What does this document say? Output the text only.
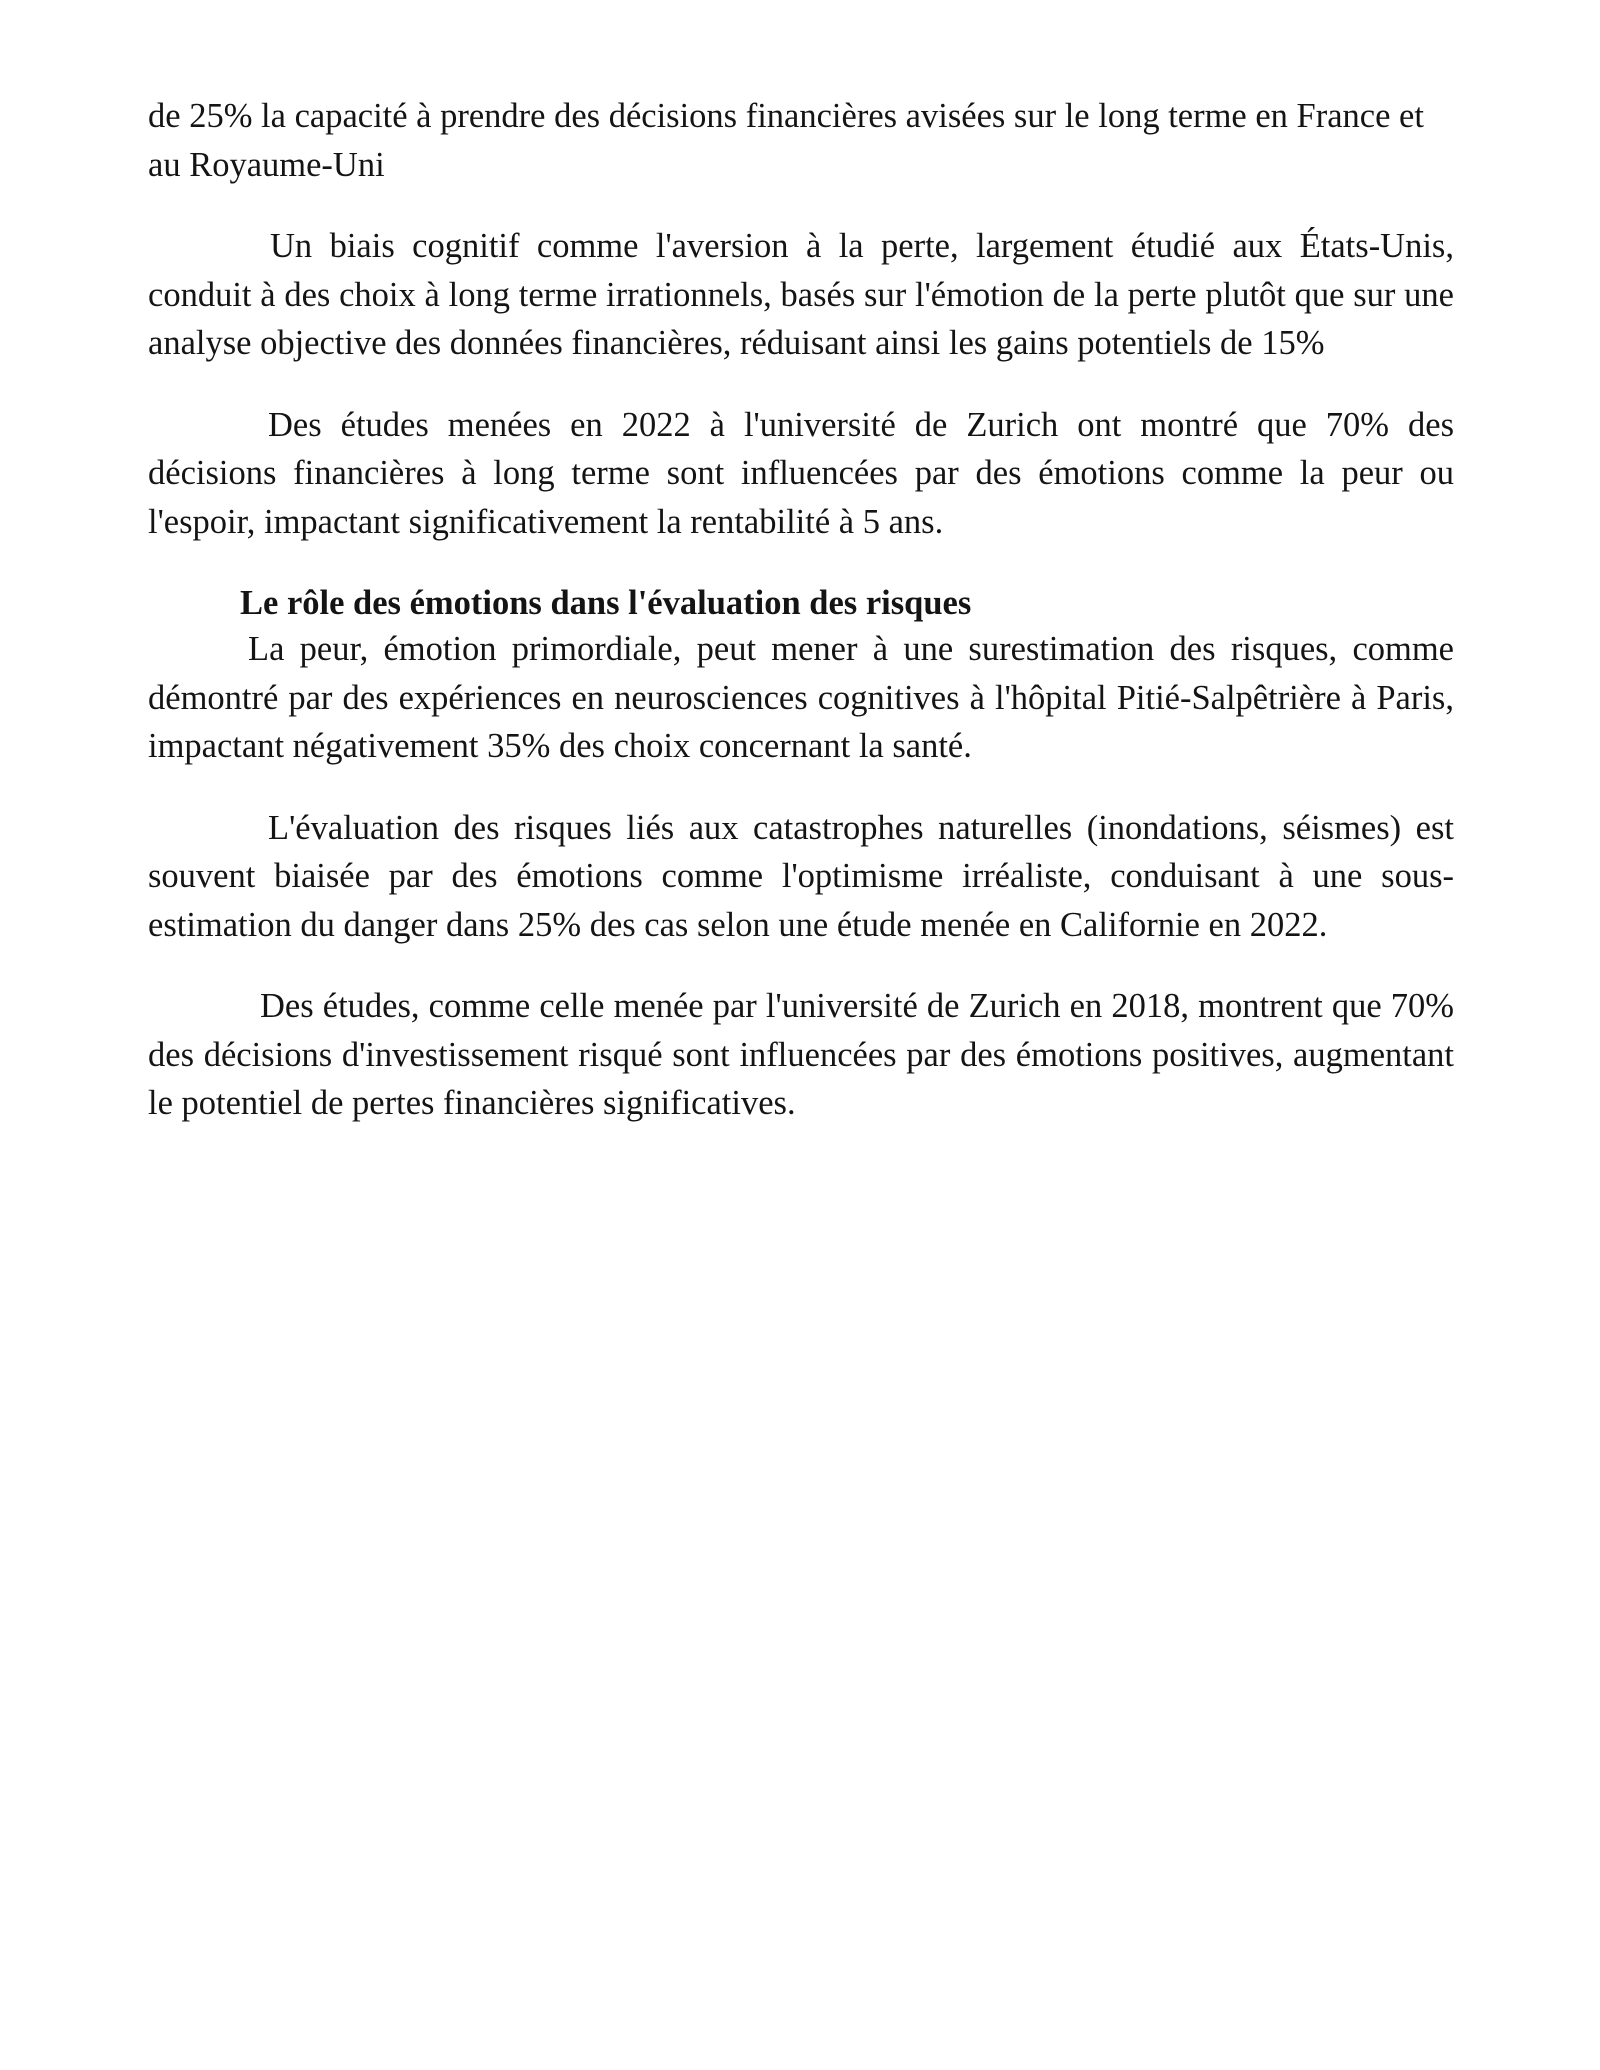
de 25% la capacité à prendre des décisions financières avisées sur le long terme en France et au Royaume-Uni

Un biais cognitif comme l'aversion à la perte, largement étudié aux États-Unis, conduit à des choix à long terme irrationnels, basés sur l'émotion de la perte plutôt que sur une analyse objective des données financières, réduisant ainsi les gains potentiels de 15%

Des études menées en 2022 à l'université de Zurich ont montré que 70% des décisions financières à long terme sont influencées par des émotions comme la peur ou l'espoir, impactant significativement la rentabilité à 5 ans.

Le rôle des émotions dans l'évaluation des risques

La peur, émotion primordiale, peut mener à une surestimation des risques, comme démontré par des expériences en neurosciences cognitives à l'hôpital Pitié-Salpêtrière à Paris, impactant négativement 35% des choix concernant la santé.

L'évaluation des risques liés aux catastrophes naturelles (inondations, séismes) est souvent biaisée par des émotions comme l'optimisme irréaliste, conduisant à une sous-estimation du danger dans 25% des cas selon une étude menée en Californie en 2022.

Des études, comme celle menée par l'université de Zurich en 2018, montrent que 70% des décisions d'investissement risqué sont influencées par des émotions positives, augmentant le potentiel de pertes financières significatives.
